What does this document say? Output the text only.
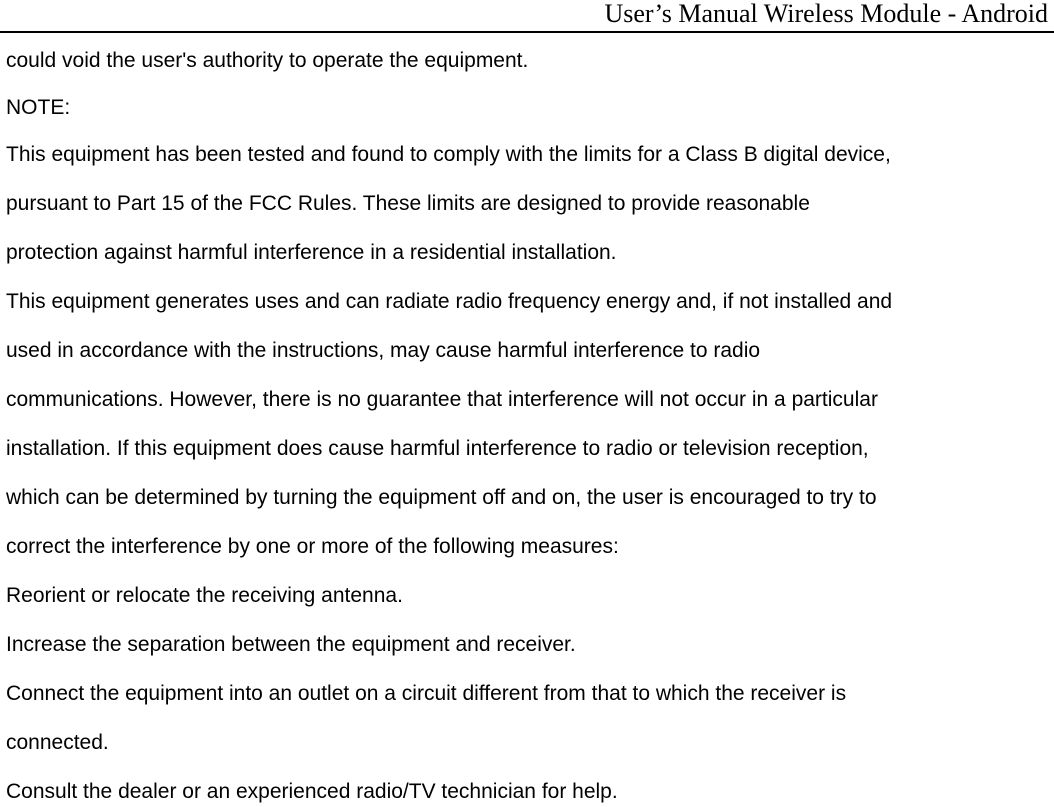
User’s Manual Wireless Module - Android
could void the user's authority to operate the equipment.
NOTE:
This equipment has been tested and found to comply with the limits for a Class B digital device,
pursuant to Part 15 of the FCC Rules. These limits are designed to provide reasonable
protection against harmful interference in a residential installation.
This equipment generates uses and can radiate radio frequency energy and, if not installed and
used in accordance with the instructions, may cause harmful interference to radio
communications. However, there is no guarantee that interference will not occur in a particular
installation. If this equipment does cause harmful interference to radio or television reception,
which can be determined by turning the equipment off and on, the user is encouraged to try to
correct the interference by one or more of the following measures:
Reorient or relocate the receiving antenna.
Increase the separation between the equipment and receiver.
Connect the equipment into an outlet on a circuit different from that to which the receiver is
connected.
Consult the dealer or an experienced radio/TV technician for help.
